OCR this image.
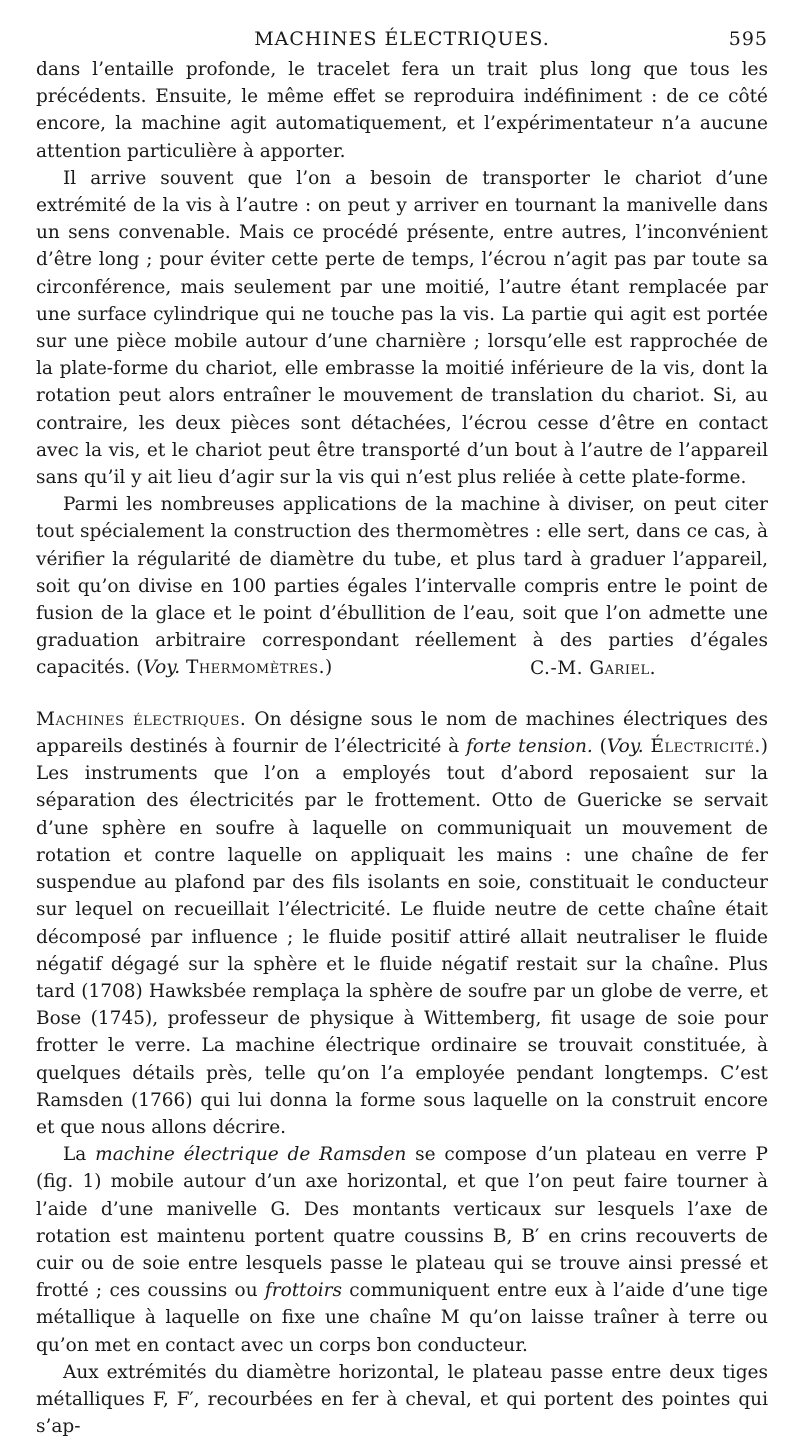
MACHINES ÉLECTRIQUES.	595

dans l’entaille profonde, le tracelet fera un trait plus long que tous les précédents. Ensuite, le même effet se reproduira indéfiniment : de ce côté encore, la machine agit automatiquement, et l’expérimentateur n’a aucune attention particulière à apporter.

Il arrive souvent que l’on a besoin de transporter le chariot d’une extrémité de la vis à l’autre : on peut y arriver en tournant la manivelle dans un sens convenable. Mais ce procédé présente, entre autres, l’inconvénient d’être long ; pour éviter cette perte de temps, l’écrou n’agit pas par toute sa circonférence, mais seulement par une moitié, l’autre étant remplacée par une surface cylindrique qui ne touche pas la vis. La partie qui agit est portée sur une pièce mobile autour d’une charnière ; lorsqu’elle est rapprochée de la plate-forme du chariot, elle embrasse la moitié inférieure de la vis, dont la rotation peut alors entraîner le mouvement de translation du chariot. Si, au contraire, les deux pièces sont détachées, l’écrou cesse d’être en contact avec la vis, et le chariot peut être transporté d’un bout à l’autre de l’appareil sans qu’il y ait lieu d’agir sur la vis qui n’est plus reliée à cette plate-forme.

Parmi les nombreuses applications de la machine à diviser, on peut citer tout spécialement la construction des thermomètres : elle sert, dans ce cas, à vérifier la régularité de diamètre du tube, et plus tard à graduer l’appareil, soit qu’on divise en 100 parties égales l’intervalle compris entre le point de fusion de la glace et le point d’ébullition de l’eau, soit que l’on admette une graduation arbitraire correspondant réellement à des parties d’égales capacités. (Voy. Thermomètres.)	C.-M. Gariel.

Machines électriques. On désigne sous le nom de machines électriques des appareils destinés à fournir de l’électricité à forte tension. (Voy. Électricité.) Les instruments que l’on a employés tout d’abord reposaient sur la séparation des électricités par le frottement. Otto de Guericke se servait d’une sphère en soufre à laquelle on communiquait un mouvement de rotation et contre laquelle on appliquait les mains : une chaîne de fer suspendue au plafond par des fils isolants en soie, constituait le conducteur sur lequel on recueillait l’électricité. Le fluide neutre de cette chaîne était décomposé par influence ; le fluide positif attiré allait neutraliser le fluide négatif dégagé sur la sphère et le fluide négatif restait sur la chaîne. Plus tard (1708) Hawksbée remplaça la sphère de soufre par un globe de verre, et Bose (1745), professeur de physique à Wittemberg, fit usage de soie pour frotter le verre. La machine électrique ordinaire se trouvait constituée, à quelques détails près, telle qu’on l’a employée pendant longtemps. C’est Ramsden (1766) qui lui donna la forme sous laquelle on la construit encore et que nous allons décrire.

La machine électrique de Ramsden se compose d’un plateau en verre P (fig. 1) mobile autour d’un axe horizontal, et que l’on peut faire tourner à l’aide d’une manivelle G. Des montants verticaux sur lesquels l’axe de rotation est maintenu portent quatre coussins B, B′ en crins recouverts de cuir ou de soie entre lesquels passe le plateau qui se trouve ainsi pressé et frotté ; ces coussins ou frottoirs communiquent entre eux à l’aide d’une tige métallique à laquelle on fixe une chaîne M qu’on laisse traîner à terre ou qu’on met en contact avec un corps bon conducteur.

Aux extrémités du diamètre horizontal, le plateau passe entre deux tiges métalliques F, F′, recourbées en fer à cheval, et qui portent des pointes qui s’ap-
